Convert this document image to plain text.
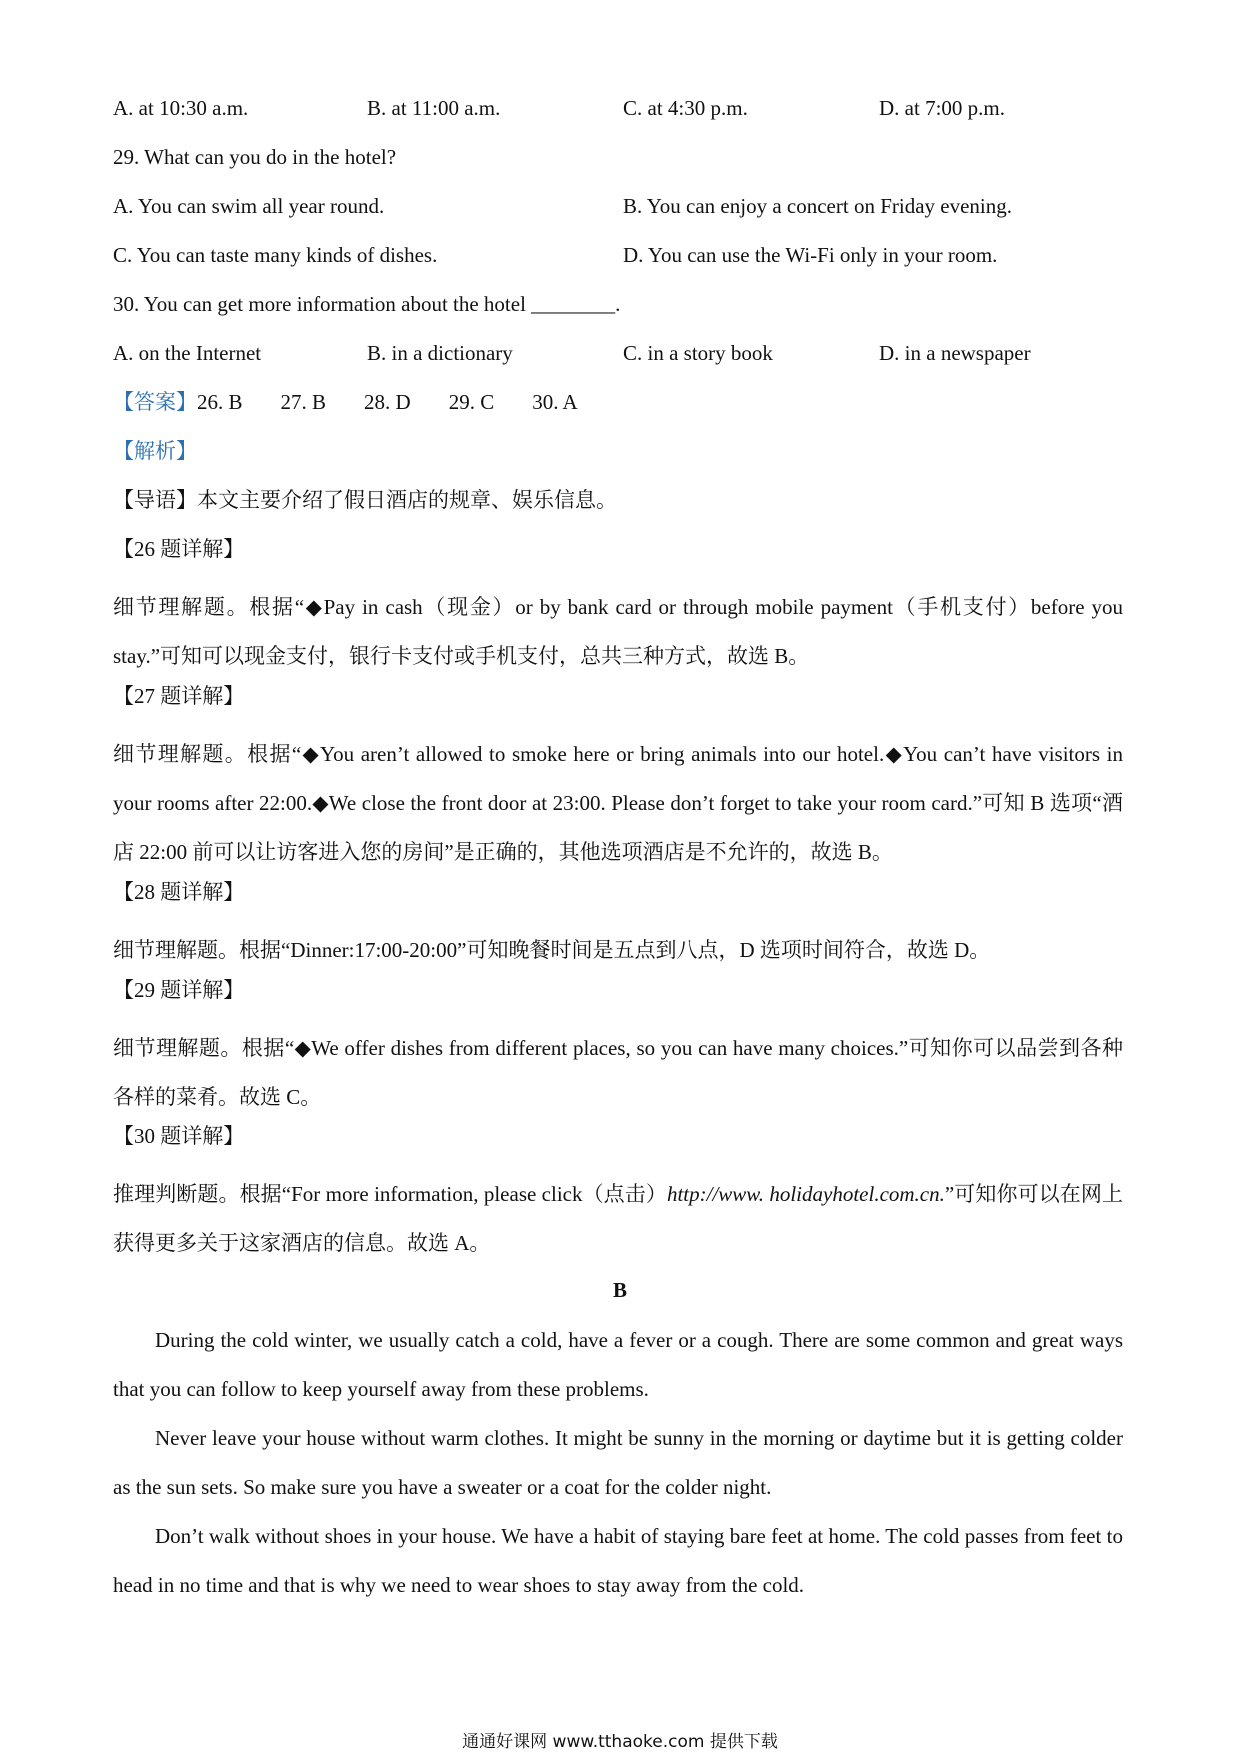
A. at 10:30 a.m.	B. at 11:00 a.m.	C. at 4:30 p.m.	D. at 7:00 p.m.
29. What can you do in the hotel?
A. You can swim all year round.	B. You can enjoy a concert on Friday evening.
C. You can taste many kinds of dishes.	D. You can use the Wi-Fi only in your room.
30. You can get more information about the hotel ________.
A. on the Internet	B. in a dictionary	C. in a story book	D. in a newspaper
【答案】26. B 27. B 28. D 29. C 30. A
【解析】
【导语】本文主要介绍了假日酒店的规章、娱乐信息。
【26 题详解】
细节理解题。根据“◆Pay in cash（现金）or by bank card or through mobile payment（手机支付）before you stay.”可知可以现金支付，银行卡支付或手机支付，总共三种方式，故选 B。
【27 题详解】
细节理解题。根据“◆You aren’t allowed to smoke here or bring animals into our hotel.◆You can’t have visitors in your rooms after 22:00.◆We close the front door at 23:00. Please don’t forget to take your room card.”可知 B 选项“酒店 22:00 前可以让访客进入您的房间”是正确的，其他选项酒店是不允许的，故选 B。
【28 题详解】
细节理解题。根据“Dinner:17:00-20:00”可知晚餐时间是五点到八点，D 选项时间符合，故选 D。
【29 题详解】
细节理解题。根据“◆We offer dishes from different places, so you can have many choices.”可知你可以品尝到各种各样的菜肴。故选 C。
【30 题详解】
推理判断题。根据“For more information, please click（点击）http://www. holidayhotel.com.cn.”可知你可以在网上获得更多关于这家酒店的信息。故选 A。
B
During the cold winter, we usually catch a cold, have a fever or a cough. There are some common and great ways that you can follow to keep yourself away from these problems.
Never leave your house without warm clothes. It might be sunny in the morning or daytime but it is getting colder as the sun sets. So make sure you have a sweater or a coat for the colder night.
Don’t walk without shoes in your house. We have a habit of staying bare feet at home. The cold passes from feet to head in no time and that is why we need to wear shoes to stay away from the cold.
通通好课网 www.tthaoke.com 提供下载
